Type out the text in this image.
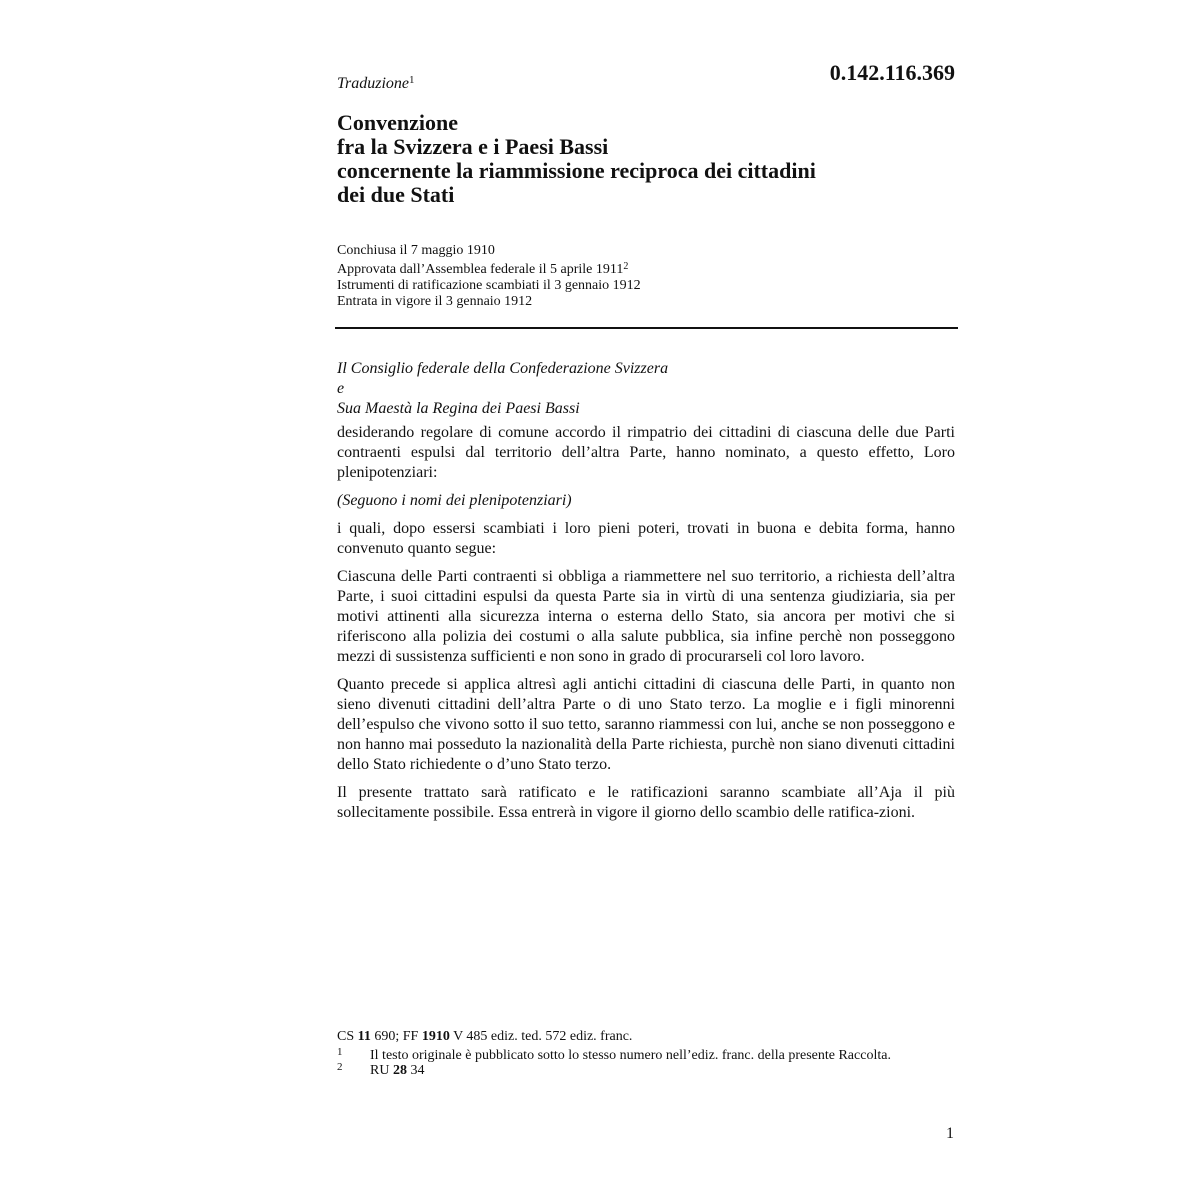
Traduzione$^1$	0.142.116.369
Convenzione
fra la Svizzera e i Paesi Bassi
concernente la riammissione reciproca dei cittadini
dei due Stati
Conchiusa il 7 maggio 1910
Approvata dall’Assemblea federale il 5 aprile 1911$^2$
Istrumenti di ratificazione scambiati il 3 gennaio 1912
Entrata in vigore il 3 gennaio 1912
Il Consiglio federale della Confederazione Svizzera
e
Sua Maestà la Regina dei Paesi Bassi

desiderando regolare di comune accordo il rimpatrio dei cittadini di ciascuna delle due Parti contraenti espulsi dal territorio dell’altra Parte, hanno nominato, a questo effetto, Loro plenipotenziari:

(Seguono i nomi dei plenipotenziari)

i quali, dopo essersi scambiati i loro pieni poteri, trovati in buona e debita forma, hanno convenuto quanto segue:

Ciascuna delle Parti contraenti si obbliga a riammettere nel suo territorio, a richiesta dell’altra Parte, i suoi cittadini espulsi da questa Parte sia in virtù di una sentenza giudiziaria, sia per motivi attinenti alla sicurezza interna o esterna dello Stato, sia ancora per motivi che si riferiscono alla polizia dei costumi o alla salute pubblica, sia infine perchè non posseggono mezzi di sussistenza sufficienti e non sono in grado di procurarseli col loro lavoro.

Quanto precede si applica altresì agli antichi cittadini di ciascuna delle Parti, in quanto non sieno divenuti cittadini dell’altra Parte o di uno Stato terzo. La moglie e i figli minorenni dell’espulso che vivono sotto il suo tetto, saranno riammessi con lui, anche se non posseggono e non hanno mai posseduto la nazionalità della Parte richiesta, purchè non siano divenuti cittadini dello Stato richiedente o d’uno Stato terzo.

Il presente trattato sarà ratificato e le ratificazioni saranno scambiate all’Aja il più sollecitamente possibile. Essa entrerà in vigore il giorno dello scambio delle ratifica-zioni.

CS 11 690; FF 1910 V 485 ediz. ted. 572 ediz. franc.
1 Il testo originale è pubblicato sotto lo stesso numero nell’ediz. franc. della presente Raccolta.
2 RU 28 34
1
